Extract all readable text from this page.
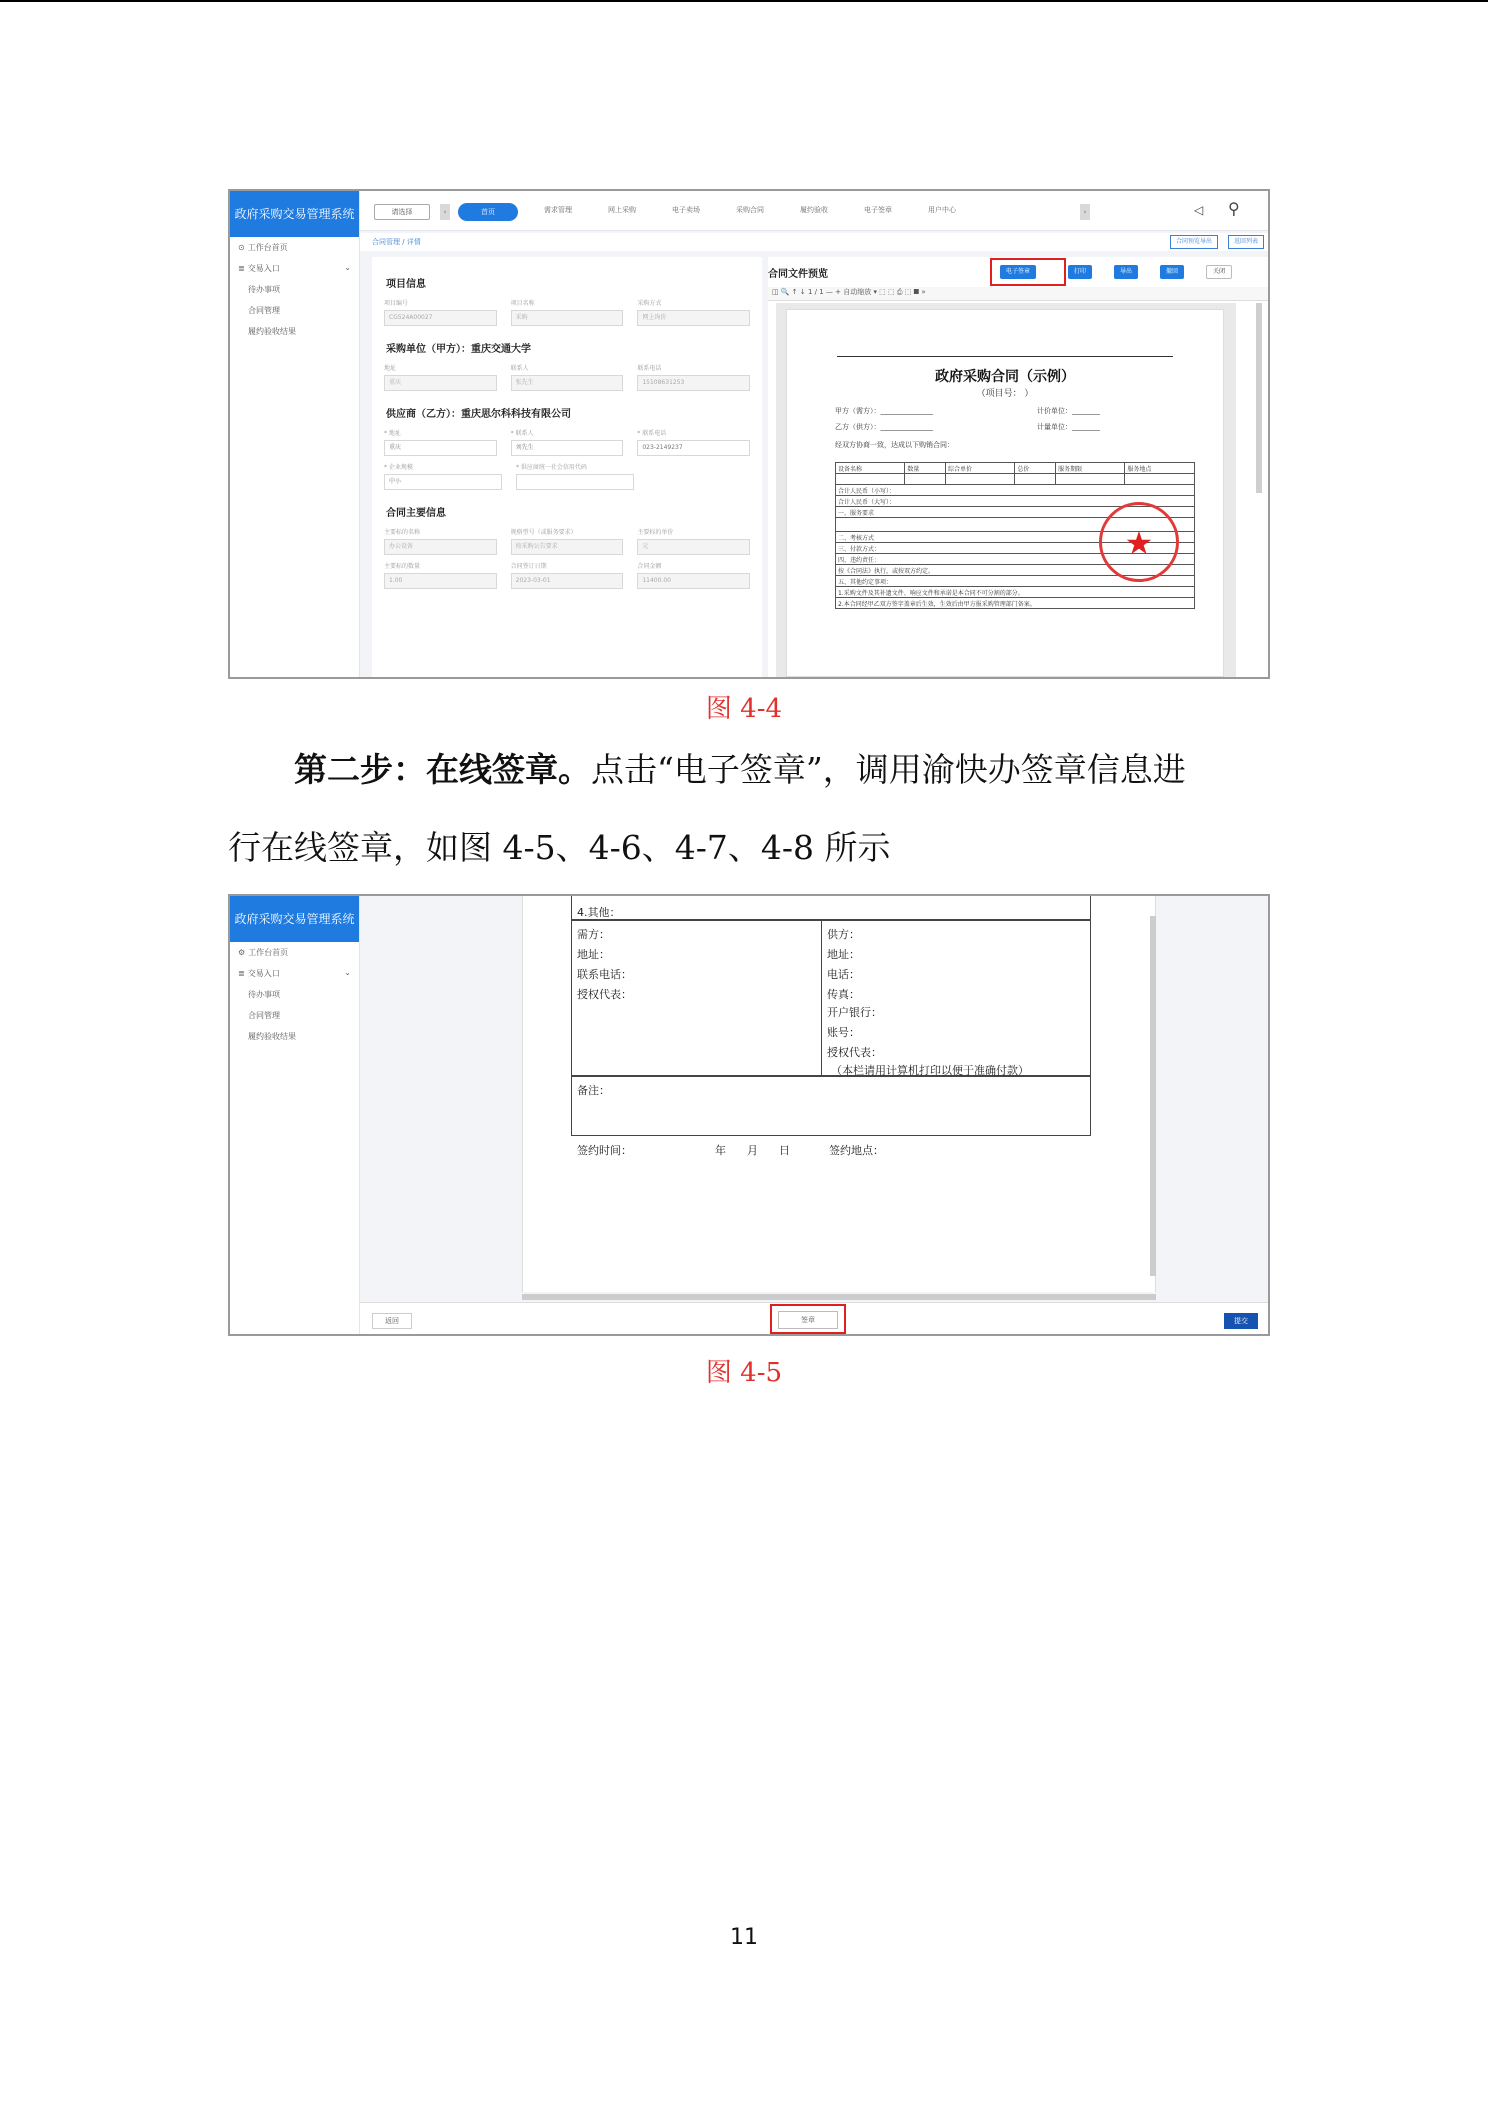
政府采购交易管理系统
⊙ 工作台首页
≣ 交易入口	⌄
待办事项
合同管理
履约验收结果
请选择	‹	首页	需求管理	网上采购	电子卖场	采购合同	履约验收	电子签章	用户中心	›	◁ ⚲
合同管理 / 详情	合同预览导出	返回列表
项目信息
项目编号
CG524A00027
项目名称
采购
采购方式
网上询价
采购单位（甲方）：重庆交通大学
地址
重庆
联系人
张先生
联系电话
15108631253
供应商（乙方）：重庆思尔科科技有限公司
* 地址
重庆
* 联系人
刘先生
* 联系电话
023-2149237
* 企业规模
中小
* 供应商统一社会信用代码
合同主要信息
主要标的名称
办公设备
规格型号（或服务要求）
按采购公告要求
主要标的单价
元
主要标的数量
1.00
合同签订日期
2023-03-01
合同金额
11400.00
合同文件预览	电子签章	打印	导出	撤回	关闭
◫ 🔍 ↑ ↓ 1 / 1 — + 自动缩放 ▾ ⬚ ⬚ ⎙ ⬚ ⯀ »
政府采购合同（示例）
（项目号： ）
甲方（需方）：_______________	计价单位：________
乙方（供方）：_______________	计量单位：________
经双方协商一致，达成以下购销合同：
设备名称	数量	综合单价	总价	服务期限	服务地点

合计人民币（小写）：					
合计人民币（大写）：					
一、服务要求					

二、考核方式					
三、付款方式：					
四、违约责任：					
按《合同法》执行，或按双方约定。					
五、其他约定事项：					
1.采购文件及其补遗文件、响应文件和承诺是本合同不可分割的部分。					
2.本合同经甲乙双方签字盖章后生效，生效后由甲方报采购管理部门备案。					
★
图 4-4
第二步：在线签章。点击“电子签章”，调用渝快办签章信息进
行在线签章，如图 4-5、4-6、4-7、4-8 所示
政府采购交易管理系统
⚙ 工作台首页
≣ 交易入口	⌄
待办事项
合同管理
履约验收结果
4.其他：
需方：
地址：
联系电话：
授权代表：
供方：
地址：
电话：
传真：
开户银行：
账号：
授权代表：
（本栏请用计算机打印以便于准确付款）
备注：
签约时间：	年 月 日	签约地点：
返回	签章	提交
图 4-5
11
